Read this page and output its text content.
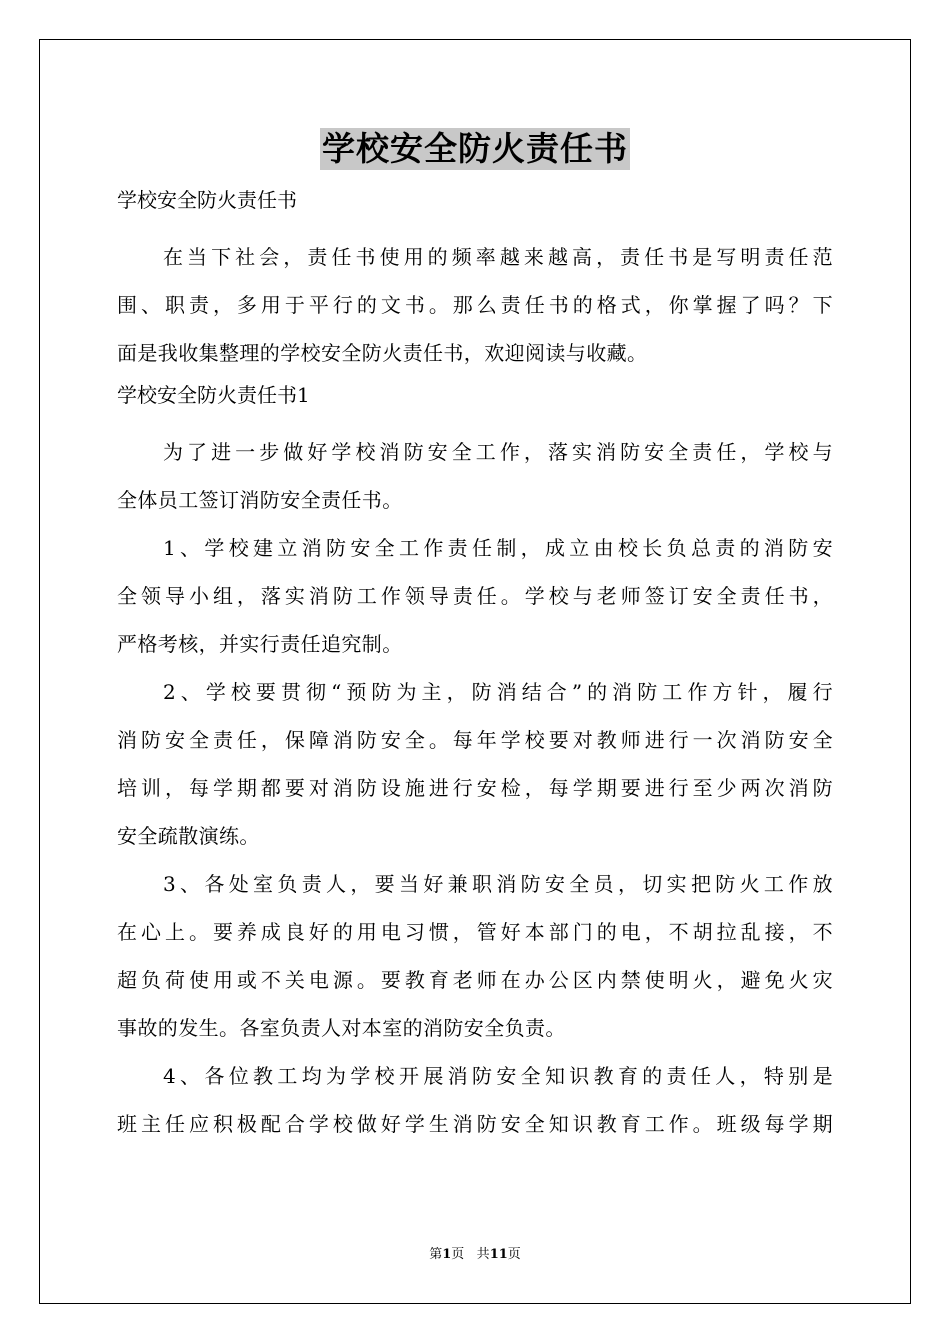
学校安全防火责任书
学校安全防火责任书
在当下社会，责任书使用的频率越来越高，责任书是写明责任范
围、职责，多用于平行的文书。那么责任书的格式，你掌握了吗？下
面是我收集整理的学校安全防火责任书，欢迎阅读与收藏。
学校安全防火责任书1
为了进一步做好学校消防安全工作，落实消防安全责任，学校与
全体员工签订消防安全责任书。
1、学校建立消防安全工作责任制，成立由校长负总责的消防安
全领导小组，落实消防工作领导责任。学校与老师签订安全责任书，
严格考核，并实行责任追究制。
2、学校要贯彻“预防为主，防消结合”的消防工作方针，履行
消防安全责任，保障消防安全。每年学校要对教师进行一次消防安全
培训，每学期都要对消防设施进行安检，每学期要进行至少两次消防
安全疏散演练。
3、各处室负责人，要当好兼职消防安全员，切实把防火工作放
在心上。要养成良好的用电习惯，管好本部门的电，不胡拉乱接，不
超负荷使用或不关电源。要教育老师在办公区内禁使明火，避免火灾
事故的发生。各室负责人对本室的消防安全负责。
4、各位教工均为学校开展消防安全知识教育的责任人，特别是
班主任应积极配合学校做好学生消防安全知识教育工作。班级每学期
第1页 共11页
